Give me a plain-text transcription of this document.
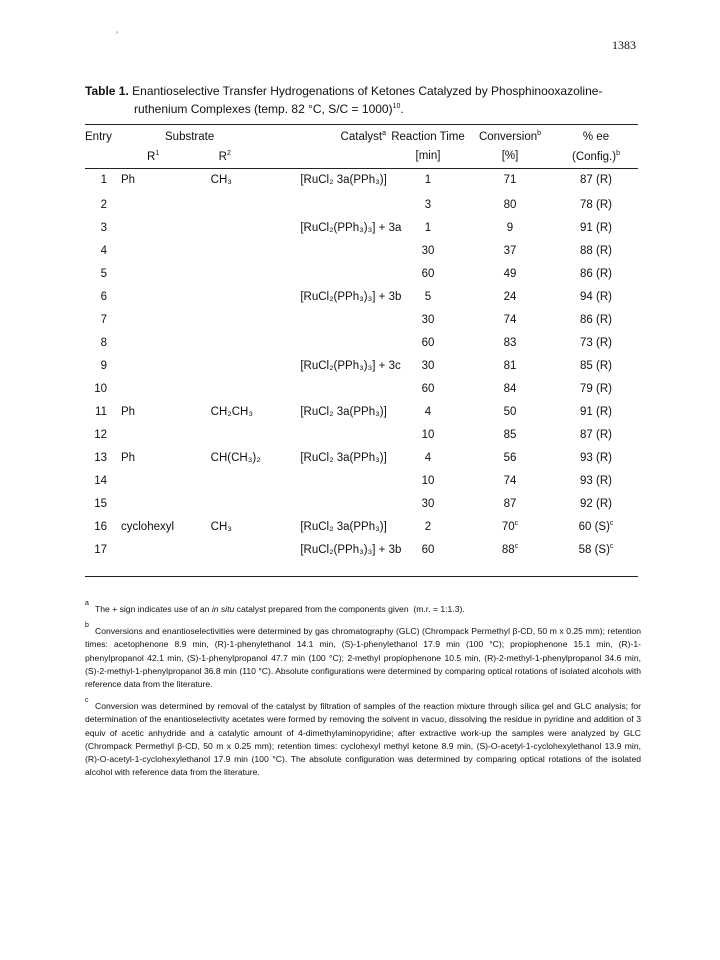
’
1383
Table 1. Enantioselective Transfer Hydrogenations of Ketones Catalyzed by Phosphinooxazoline-
ruthenium Complexes (temp. 82 °C, S/C = 1000)$^{10}$.
Entry	Substrate		Catalyst$^a$	Reaction Time	Conversion$^b$	% ee
	$R^1$	$R^2$		[min]	[%]	(Config.)$^b$
1	Ph	CH₃	[RuCl₂ 3a(PPh₃)]	1	71	87 (R)
2				3	80	78 (R)
3			[RuCl₂(PPh₃)₃] + 3a	1	9	91 (R)
4				30	37	88 (R)
5				60	49	86 (R)
6			[RuCl₂(PPh₃)₃] + 3b	5	24	94 (R)
7				30	74	86 (R)
8				60	83	73 (R)
9			[RuCl₂(PPh₃)₃] + 3c	30	81	85 (R)
10				60	84	79 (R)
11	Ph	CH₂CH₃	[RuCl₂ 3a(PPh₃)]	4	50	91 (R)
12				10	85	87 (R)
13	Ph	CH(CH₃)₂	[RuCl₂ 3a(PPh₃)]	4	56	93 (R)
14				10	74	93 (R)
15				30	87	92 (R)
16	cyclohexyl	CH₃	[RuCl₂ 3a(PPh₃)]	2	70$^c$	60 $(S)^c$
17			[RuCl₂(PPh₃)₃] + 3b	60	88$^c$	58 $(S)^c$
a

The + sign indicates use of an in situ catalyst prepared from the components given  (m.r. = 1:1.3).

b

Conversions and enantioselectivities were determined by gas chromatography (GLC) (Chrompack Permethyl β-CD, 50 m x 0.25 mm); retention times: acetophenone 8.9 min, (R)-1-phenylethanol 14.1 min, (S)-1-phenylethanol 17.9 min (100 °C); propiophenone 15.1 min, (R)-1-phenylpropanol 42.1 min, (S)-1-phenylpropanol 47.7 min (100 °C); 2-methyl propiophenone 10.5 min, (R)-2-methyl-1-phenylpropanol 34.6 min, (S)-2-methyl-1-phenylpropanol 36.8 min (110 °C). Absolute configurations were determined by comparing optical rotations of isolated alcohols with reference data from the literature.

c

Conversion was determined by removal of the catalyst by filtration of samples of the reaction mixture through silica gel and GLC analysis; for determination of the enantioselectivity acetates were formed by removing the solvent in vacuo, dissolving the residue in pyridine and addition of 3 equiv of acetic anhydride and a catalytic amount of 4-dimethylaminopyridine; after extractive work-up the samples were analyzed by GLC (Chrompack Permethyl β-CD, 50 m x 0.25 mm); retention times: cyclohexyl methyl ketone 8.9 min, (S)-O-acetyl-1-cyclohexylethanol 13.9 min, (R)-O-acetyl-1-cyclohexylethanol 17.9 min (100 °C). The absolute configuration was determined by comparing optical rotations of the isolated alcohol with reference data from the literature.
